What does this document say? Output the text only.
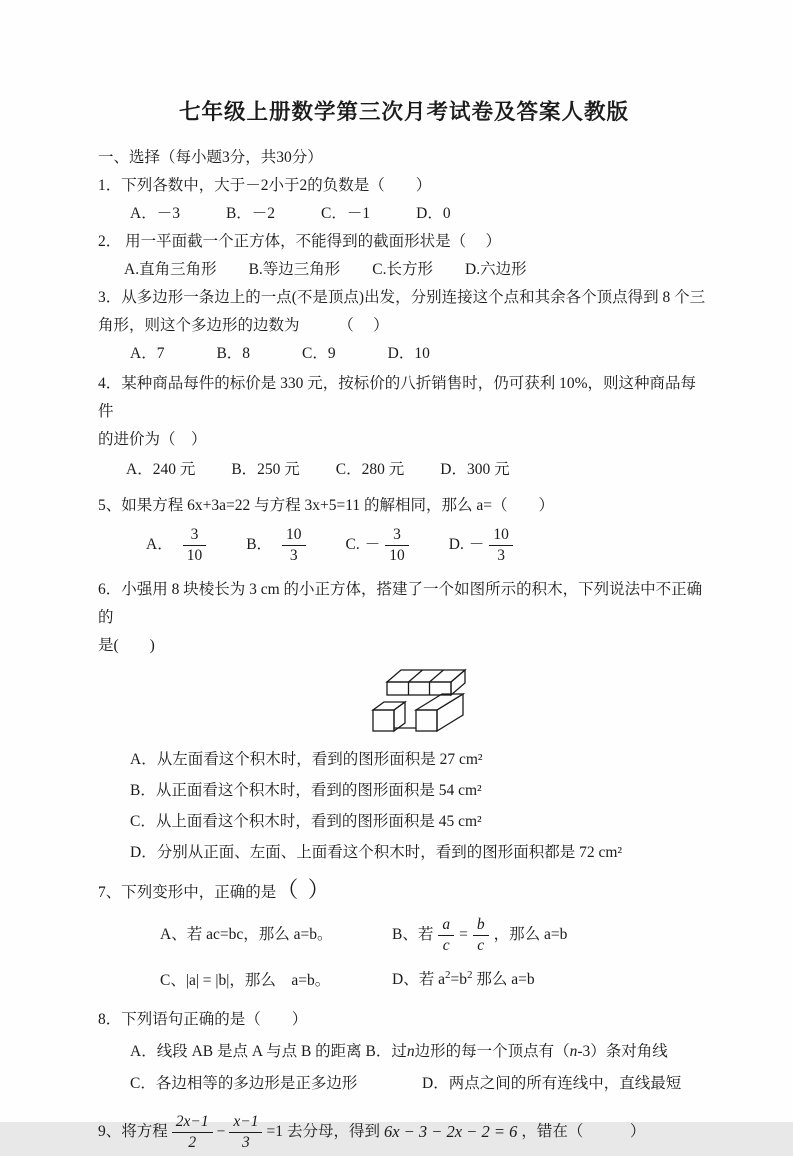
七年级上册数学第三次月考试卷及答案人教版

一、选择（每小题3分，共30分）

1．下列各数中，大于－2小于2的负数是（　　）

A．－3	B．－2	C．－1	D．0

2． 用一平面截一个正方体，不能得到的截面形状是（　 ）

A.直角三角形 B.等边三角形 C.长方形 D.六边形

3．从多边形一条边上的一点(不是顶点)出发，分别连接这个点和其余各个顶点得到 8 个三

角形，则这个多边形的边数为　　　（　 ）

A．7	B．8	C．9	D．10

4．某种商品每件的标价是 330 元，按标价的八折销售时，仍可获利 10%，则这种商品每件

的进价为（　）

A．240 元 B．250 元 C．280 元 D．300 元

5、如果方程 6x+3a=22 与方程 3x+5=11 的解相同，那么 a=（　　）

A． $\frac{3}{10}$	B． $\frac{10}{3}$	C. － $\frac{3}{10}$	D. － $\frac{10}{3}$

6．小强用 8 块棱长为 3 cm 的小正方体，搭建了一个如图所示的积木，下列说法中不正确的

是(　　)

A．从左面看这个积木时，看到的图形面积是 27 cm²

B．从正面看这个积木时，看到的图形面积是 54 cm²

C．从上面看这个积木时，看到的图形面积是 45 cm²

D．分别从正面、左面、上面看这个积木时，看到的图形面积都是 72 cm²

7、下列变形中，正确的是（ ）

A、若 ac=bc，那么 a=b。	B、若 $\frac{a}{c} = \frac{b}{c}$ ，那么 a=b
C、|a| = |b|，那么　a=b。	D、若 $a^2=b^2$ 那么 a=b

8．下列语句正确的是（　　）

A．线段 AB 是点 A 与点 B 的距离 B．过n边形的每一个顶点有（n-3）条对角线

C．各边相等的多边形是正多边形	D．两点之间的所有连线中，直线最短
9、将方程 $\frac{2x-1}{2} - \frac{x-1}{3} =1$ 去分母，得到 6x − 3 − 2x − 2 = 6 ，错在（　　　）
